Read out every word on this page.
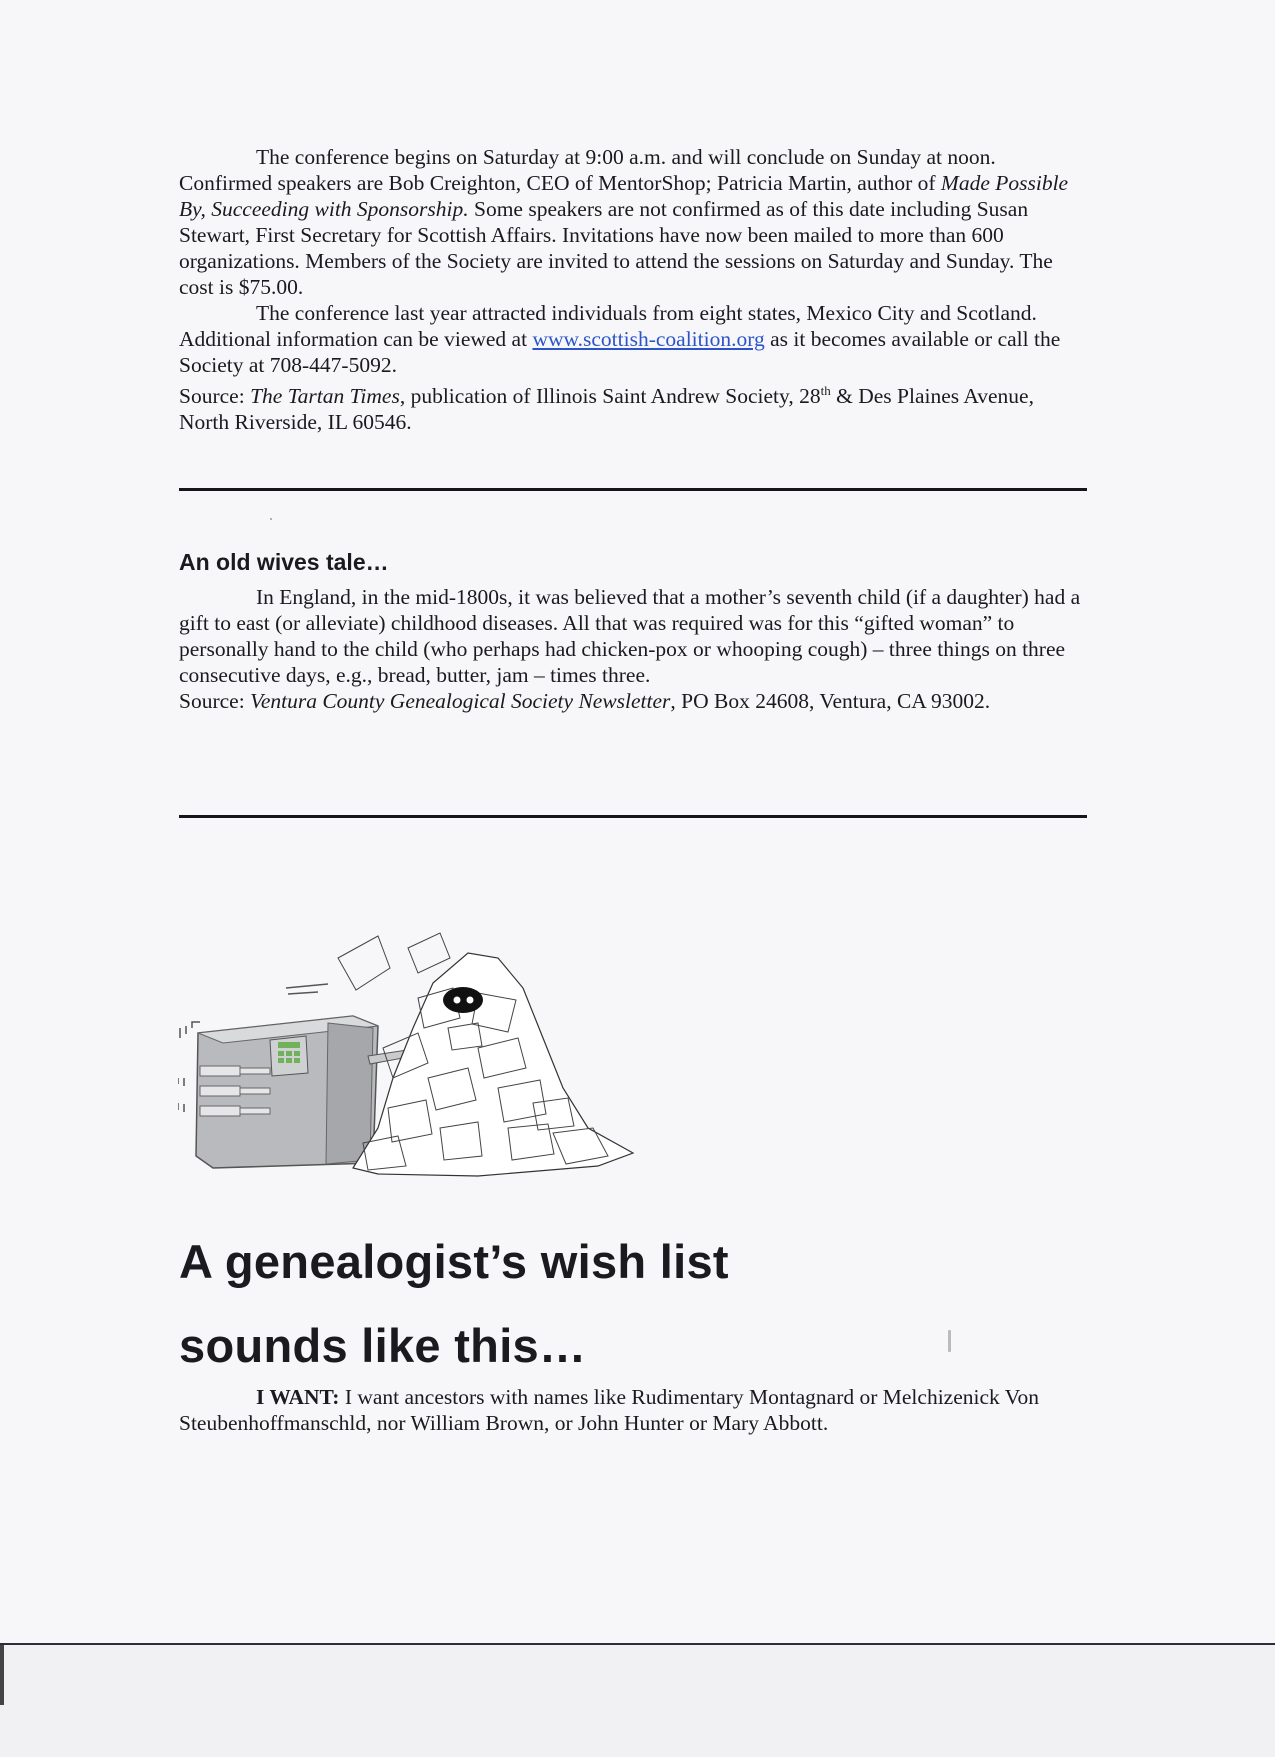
The conference begins on Saturday at 9:00 a.m. and will conclude on Sunday at noon. Confirmed speakers are Bob Creighton, CEO of MentorShop; Patricia Martin, author of Made Possible By, Succeeding with Sponsorship. Some speakers are not confirmed as of this date including Susan Stewart, First Secretary for Scottish Affairs. Invitations have now been mailed to more than 600 organizations. Members of the Society are invited to attend the sessions on Saturday and Sunday. The cost is $75.00.

The conference last year attracted individuals from eight states, Mexico City and Scotland. Additional information can be viewed at www.scottish-coalition.org as it becomes available or call the Society at 708-447-5092.

Source: The Tartan Times, publication of Illinois Saint Andrew Society, 28th & Des Plaines Avenue, North Riverside, IL 60546.

An old wives tale…

In England, in the mid-1800s, it was believed that a mother’s seventh child (if a daughter) had a gift to east (or alleviate) childhood diseases. All that was required was for this “gifted woman” to personally hand to the child (who perhaps had chicken-pox or whooping cough) – three things on three consecutive days, e.g., bread, butter, jam – times three.

Source: Ventura County Genealogical Society Newsletter, PO Box 24608, Ventura, CA 93002.

A genealogist’s wish list
sounds like this…

I WANT: I want ancestors with names like Rudimentary Montagnard or Melchizenick Von Steubenhoffmanschld, nor William Brown, or John Hunter or Mary Abbott.
